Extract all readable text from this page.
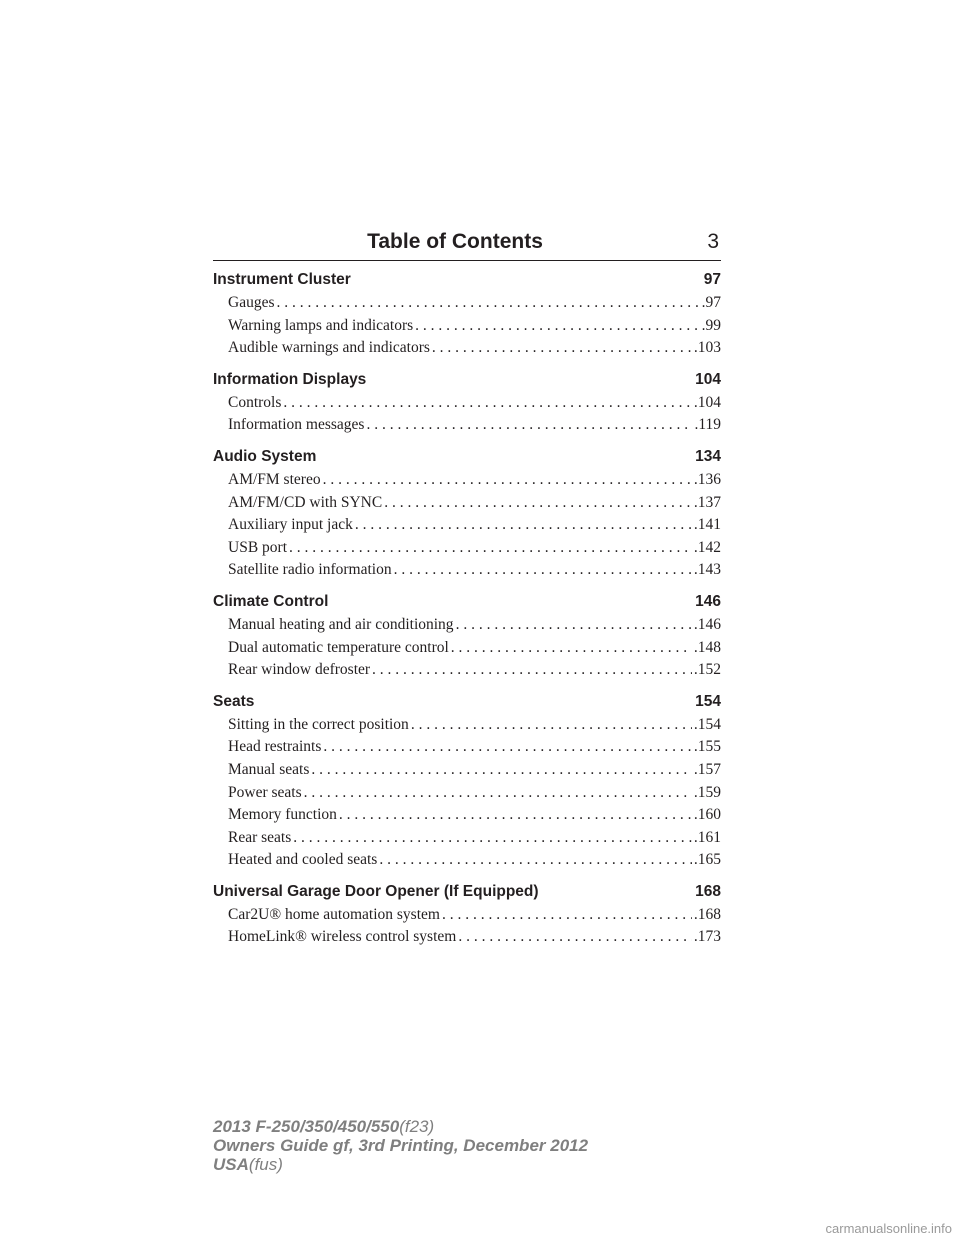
Table of Contents	3
Instrument Cluster	97
Gauges . . .	.97
Warning lamps and indicators . . .	.99
Audible warnings and indicators . . .	.103
Information Displays	104
Controls . . .	.104
Information messages . . .	.119
Audio System	134
AM/FM stereo . . .	.136
AM/FM/CD with SYNC . . .	.137
Auxiliary input jack . . .	.141
USB port . . .	.142
Satellite radio information . . .	.143
Climate Control	146
Manual heating and air conditioning . . .	.146
Dual automatic temperature control . . .	.148
Rear window defroster . . .	.152
Seats	154
Sitting in the correct position . . .	.154
Head restraints . . .	.155
Manual seats . . .	.157
Power seats . . .	.159
Memory function . . .	.160
Rear seats . . .	.161
Heated and cooled seats . . .	.165
Universal Garage Door Opener (If Equipped)	168
Car2U® home automation system . . .	.168
HomeLink® wireless control system . . .	.173
2013 F-250/350/450/550(f23)
Owners Guide gf, 3rd Printing, December 2012
USA(fus)
carmanualsonline.info
